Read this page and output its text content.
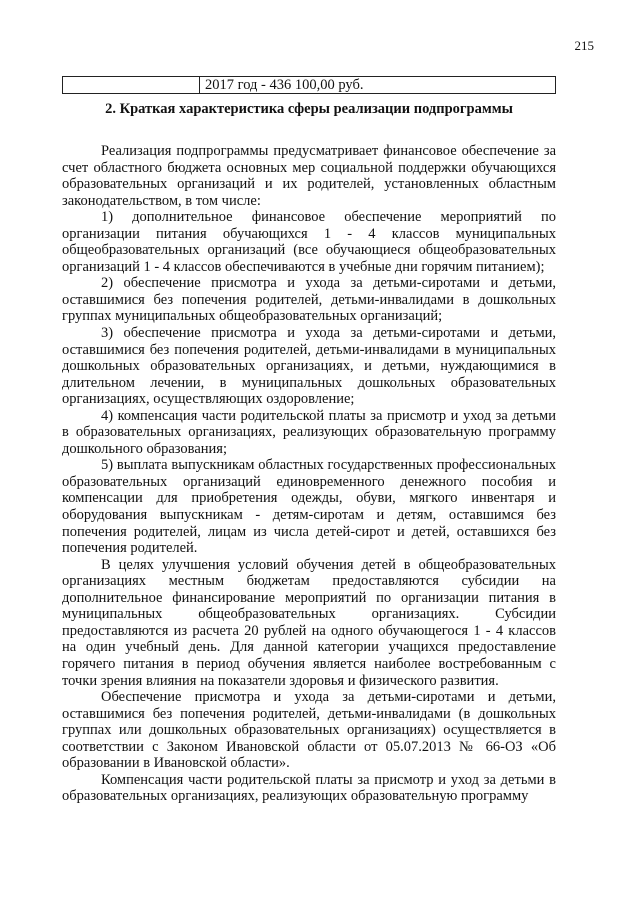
215
2017 год - 436 100,00 руб.
2. Краткая характеристика сферы реализации подпрограммы

Реализация подпрограммы предусматривает финансовое обеспечение за счет областного бюджета основных мер социальной поддержки обучающихся образовательных организаций и их родителей, установленных областным законодательством, в том числе:

1) дополнительное финансовое обеспечение мероприятий по организации питания обучающихся 1 - 4 классов муниципальных общеобразовательных организаций (все обучающиеся общеобразовательных организаций 1 - 4 классов обеспечиваются в учебные дни горячим питанием);

2) обеспечение присмотра и ухода за детьми-сиротами и детьми, оставшимися без попечения родителей, детьми-инвалидами в дошкольных группах муниципальных общеобразовательных организаций;

3) обеспечение присмотра и ухода за детьми-сиротами и детьми, оставшимися без попечения родителей, детьми-инвалидами в муниципальных дошкольных образовательных организациях, и детьми, нуждающимися в длительном лечении, в муниципальных дошкольных образовательных организациях, осуществляющих оздоровление;

4) компенсация части родительской платы за присмотр и уход за детьми в образовательных организациях, реализующих образовательную программу дошкольного образования;

5) выплата выпускникам областных государственных профессиональных образовательных организаций единовременного денежного пособия и компенсации для приобретения одежды, обуви, мягкого инвентаря и оборудования выпускникам - детям-сиротам и детям, оставшимся без попечения родителей, лицам из числа детей-сирот и детей, оставшихся без попечения родителей.

В целях улучшения условий обучения детей в общеобразовательных организациях местным бюджетам предоставляются субсидии на дополнительное финансирование мероприятий по организации питания в муниципальных общеобразовательных организациях. Субсидии предоставляются из расчета 20 рублей на одного обучающегося 1 - 4 классов на один учебный день. Для данной категории учащихся предоставление горячего питания в период обучения является наиболее востребованным с точки зрения влияния на показатели здоровья и физического развития.

Обеспечение присмотра и ухода за детьми-сиротами и детьми, оставшимися без попечения родителей, детьми-инвалидами (в дошкольных группах или дошкольных образовательных организациях) осуществляется в соответствии с Законом Ивановской области от 05.07.2013 № 66-ОЗ «Об образовании в Ивановской области».

Компенсация части родительской платы за присмотр и уход за детьми в образовательных организациях, реализующих образовательную программу
